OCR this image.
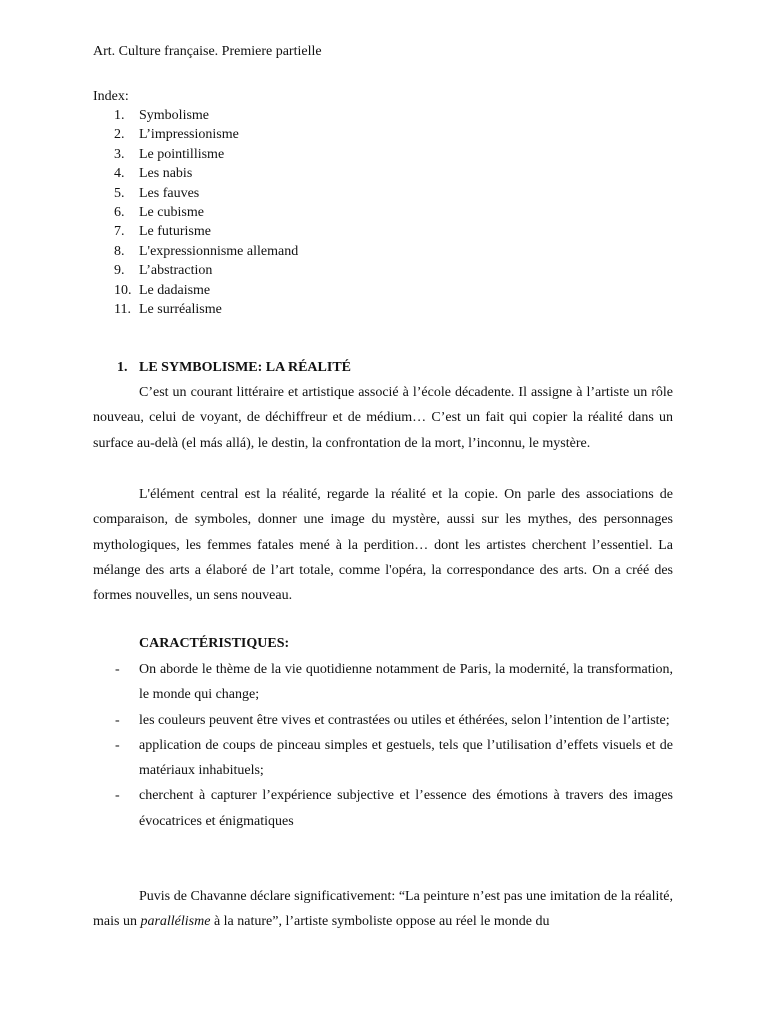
Art. Culture française. Premiere partielle
Index:
1. Symbolisme
2. L’impressionisme
3. Le pointillisme
4. Les nabis
5. Les fauves
6. Le cubisme
7. Le futurisme
8. L'expressionnisme allemand
9. L’abstraction
10. Le dadaisme
11. Le surréalisme
1. LE SYMBOLISME: LA RÉALITÉ

C’est un courant littéraire et artistique associé à l’école décadente. Il assigne à l’artiste un rôle nouveau, celui de voyant, de déchiffreur et de médium… C’est un fait qui copier la réalité dans un surface au-delà (el más allá), le destin, la confrontation de la mort, l’inconnu, le mystère.

L'élément central est la réalité, regarde la réalité et la copie. On parle des associations de comparaison, de symboles, donner une image du mystère, aussi sur les mythes, des personnages mythologiques, les femmes fatales mené à la perdition… dont les artistes cherchent l’essentiel. La mélange des arts a élaboré de l’art totale, comme l'opéra, la correspondance des arts. On a créé des formes nouvelles, un sens nouveau.

CARACTÉRISTIQUES:
- On aborde le thème de la vie quotidienne notamment de Paris, la modernité, la transformation, le monde qui change;
- les couleurs peuvent être vives et contrastées ou utiles et éthérées, selon l’intention de l’artiste;
- application de coups de pinceau simples et gestuels, tels que l’utilisation d’effets visuels et de matériaux inhabituels;
- cherchent à capturer l’expérience subjective et l’essence des émotions à travers des images évocatrices et énigmatiques

Puvis de Chavanne déclare significativement: “La peinture n’est pas une imitation de la réalité, mais un parallélisme à la nature”, l’artiste symboliste oppose au réel le monde du
